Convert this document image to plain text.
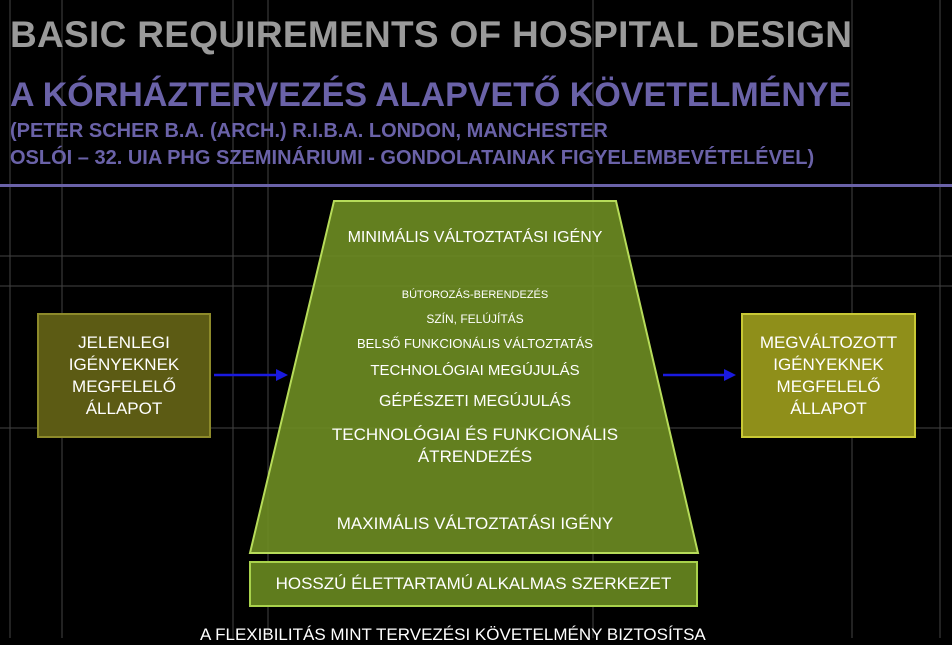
BASIC REQUIREMENTS OF HOSPITAL DESIGN
A KÓRHÁZTERVEZÉS ALAPVETŐ KÖVETELMÉNYE
(PETER SCHER B.A. (ARCH.) R.I.B.A. LONDON, MANCHESTER
OSLÓI – 32. UIA PHG SZEMINÁRIUMI - GONDOLATAINAK FIGYELEMBEVÉTELÉVEL)
JELENLEGI
IGÉNYEKNEK
MEGFELELŐ
ÁLLAPOT
MEGVÁLTOZOTT
IGÉNYEKNEK
MEGFELELŐ
ÁLLAPOT
MINIMÁLIS VÁLTOZTATÁSI IGÉNY
BÚTOROZÁS-BERENDEZÉS
SZÍN, FELÚJÍTÁS
BELSŐ FUNKCIONÁLIS VÁLTOZTATÁS
TECHNOLÓGIAI MEGÚJULÁS
GÉPÉSZETI MEGÚJULÁS
TECHNOLÓGIAI ÉS FUNKCIONÁLIS
ÁTRENDEZÉS
MAXIMÁLIS VÁLTOZTATÁSI IGÉNY
HOSSZÚ ÉLETTARTAMÚ ALKALMAS SZERKEZET
A FLEXIBILITÁS MINT TERVEZÉSI KÖVETELMÉNY BIZTOSÍTSA
